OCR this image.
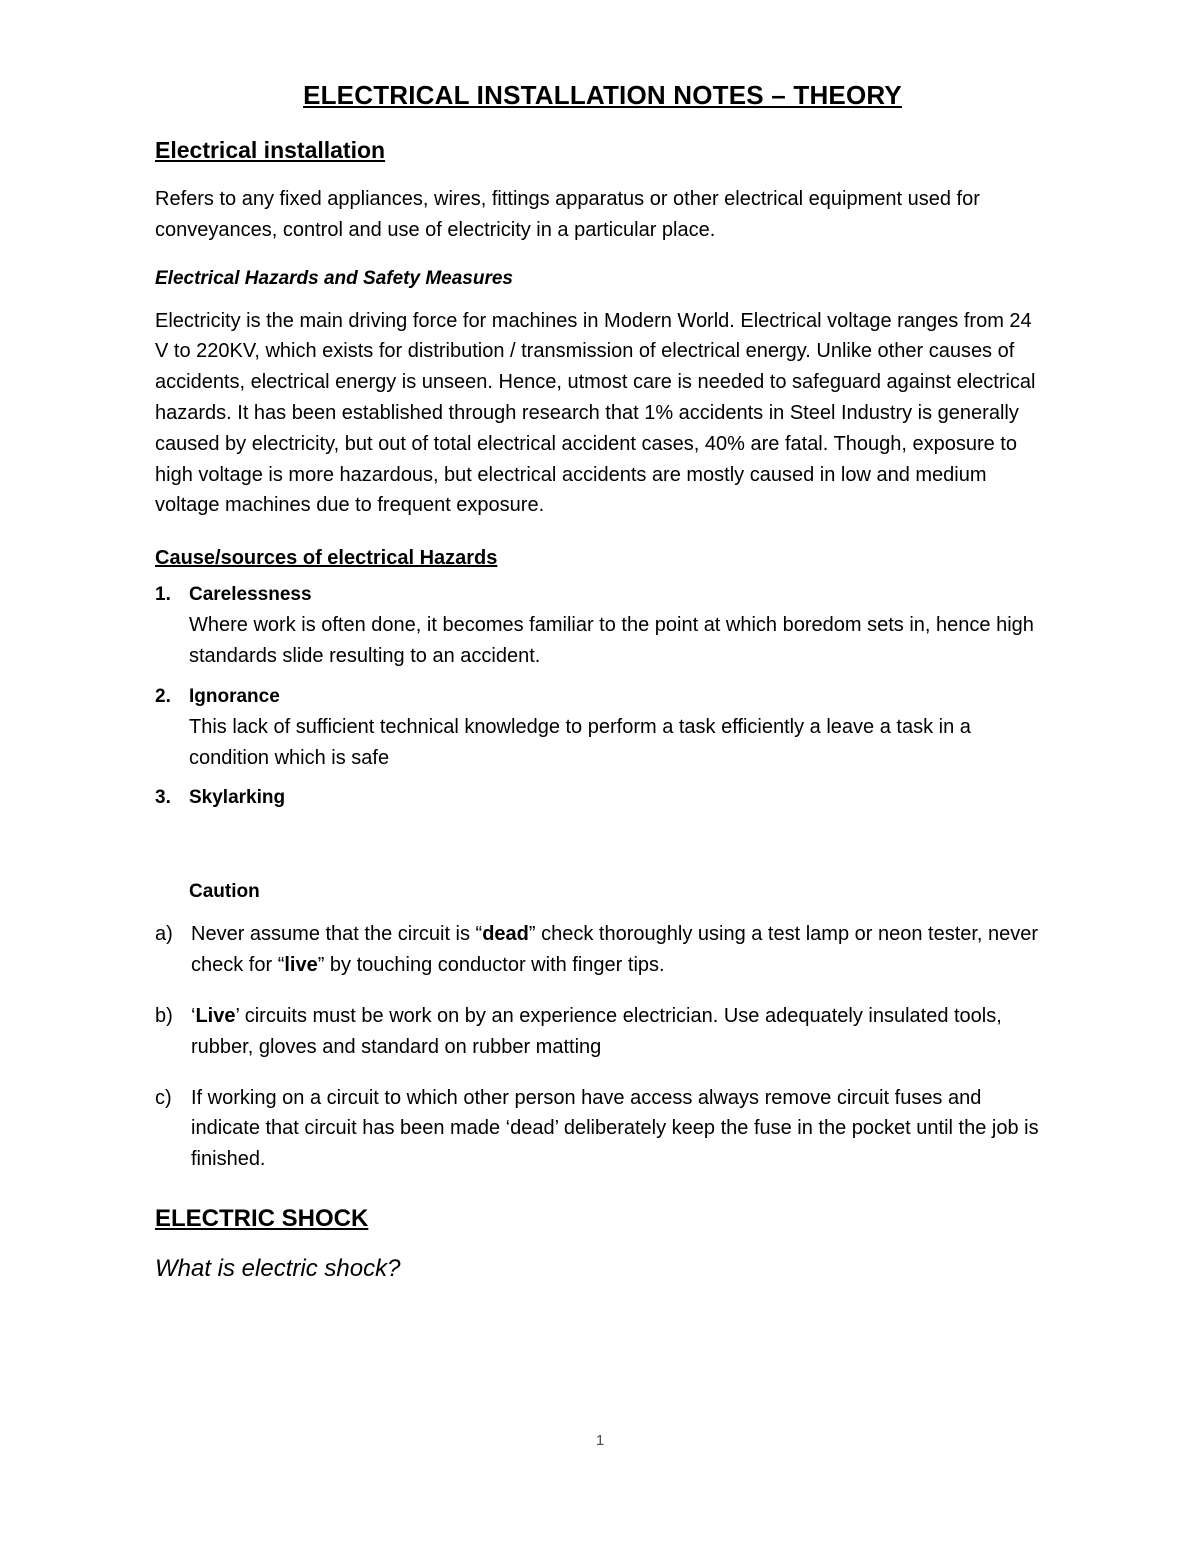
ELECTRICAL INSTALLATION NOTES – THEORY
Electrical installation

Refers to any fixed appliances, wires, fittings apparatus or other electrical equipment used for conveyances, control and use of electricity in a particular place.

Electrical Hazards and Safety Measures

Electricity is the main driving force for machines in Modern World. Electrical voltage ranges from 24 V to 220KV, which exists for distribution / transmission of electrical energy. Unlike other causes of accidents, electrical energy is unseen. Hence, utmost care is needed to safeguard against electrical hazards. It has been established through research that 1% accidents in Steel Industry is generally caused by electricity, but out of total electrical accident cases, 40% are fatal. Though, exposure to high voltage is more hazardous, but electrical accidents are mostly caused in low and medium voltage machines due to frequent exposure.

Cause/sources of electrical Hazards
1. Carelessness

Where work is often done, it becomes familiar to the point at which boredom sets in, hence high standards slide resulting to an accident.

2. Ignorance

This lack of sufficient technical knowledge to perform a task efficiently a leave a task in a condition which is safe

3. Skylarking
Caution
a) Never assume that the circuit is “dead” check thoroughly using a test lamp or neon tester, never check for “live” by touching conductor with finger tips.
b) ‘Live’ circuits must be work on by an experience electrician. Use adequately insulated tools, rubber, gloves and standard on rubber matting
c) If working on a circuit to which other person have access always remove circuit fuses and indicate that circuit has been made ‘dead’ deliberately keep the fuse in the pocket until the job is finished.
ELECTRIC SHOCK

What is electric shock?

1
